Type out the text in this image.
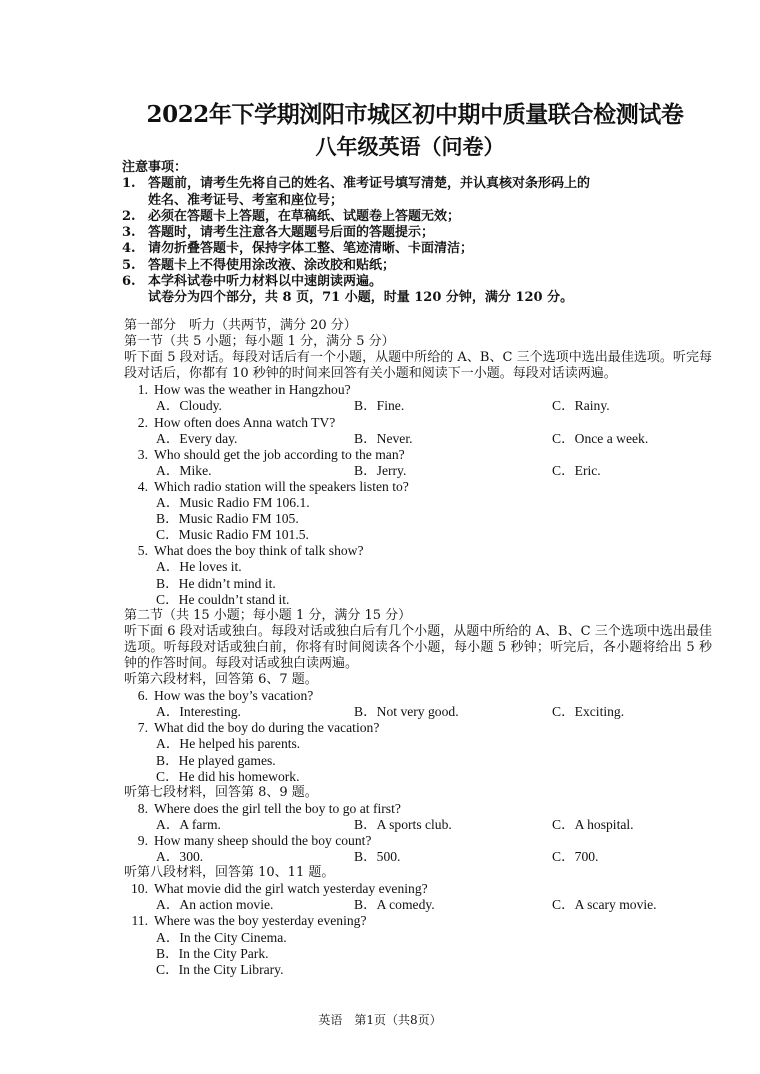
2022年下学期浏阳市城区初中期中质量联合检测试卷
八年级英语（问卷）
注意事项：
1. 答题前，请考生先将自己的姓名、准考证号填写清楚，并认真核对条形码上的
姓名、准考证号、考室和座位号；
2. 必须在答题卡上答题，在草稿纸、试题卷上答题无效；
3. 答题时，请考生注意各大题题号后面的答题提示；
4. 请勿折叠答题卡，保持字体工整、笔迹清晰、卡面清洁；
5. 答题卡上不得使用涂改液、涂改胶和贴纸；
6. 本学科试卷中听力材料以中速朗读两遍。
试卷分为四个部分，共 8 页，71 小题，时量 120 分钟，满分 120 分。
第一部分　听力（共两节，满分 20 分）
第一节（共 5 小题；每小题 1 分，满分 5 分）
听下面 5 段对话。每段对话后有一个小题，从题中所给的 A、B、C 三个选项中选出最佳选项。听完每段对话后，你都有 10 秒钟的时间来回答有关小题和阅读下一小题。每段对话读两遍。
1. How was the weather in Hangzhou?
A．Cloudy.	B．Fine.	C．Rainy.
2. How often does Anna watch TV?
A．Every day.	B．Never.	C．Once a week.
3. Who should get the job according to the man?
A．Mike.	B．Jerry.	C．Eric.
4. Which radio station will the speakers listen to?
A．Music Radio FM 106.1.
B．Music Radio FM 105.
C．Music Radio FM 101.5.
5. What does the boy think of talk show?
A．He loves it.
B．He didn’t mind it.
C．He couldn’t stand it.
第二节（共 15 小题；每小题 1 分，满分 15 分）
听下面 6 段对话或独白。每段对话或独白后有几个小题，从题中所给的 A、B、C 三个选项中选出最佳选项。听每段对话或独白前，你将有时间阅读各个小题，每小题 5 秒钟；听完后，各小题将给出 5 秒钟的作答时间。每段对话或独白读两遍。
听第六段材料，回答第 6、7 题。
6. How was the boy’s vacation?
A．Interesting.	B．Not very good.	C．Exciting.
7. What did the boy do during the vacation?
A．He helped his parents.
B．He played games.
C．He did his homework.
听第七段材料，回答第 8、9 题。
8. Where does the girl tell the boy to go at first?
A．A farm.	B．A sports club.	C．A hospital.
9. How many sheep should the boy count?
A．300.	B．500.	C．700.
听第八段材料，回答第 10、11 题。
10. What movie did the girl watch yesterday evening?
A．An action movie.	B．A comedy.	C．A scary movie.
11. Where was the boy yesterday evening?
A．In the City Cinema.
B．In the City Park.
C．In the City Library.
英语　第1页（共8页）
